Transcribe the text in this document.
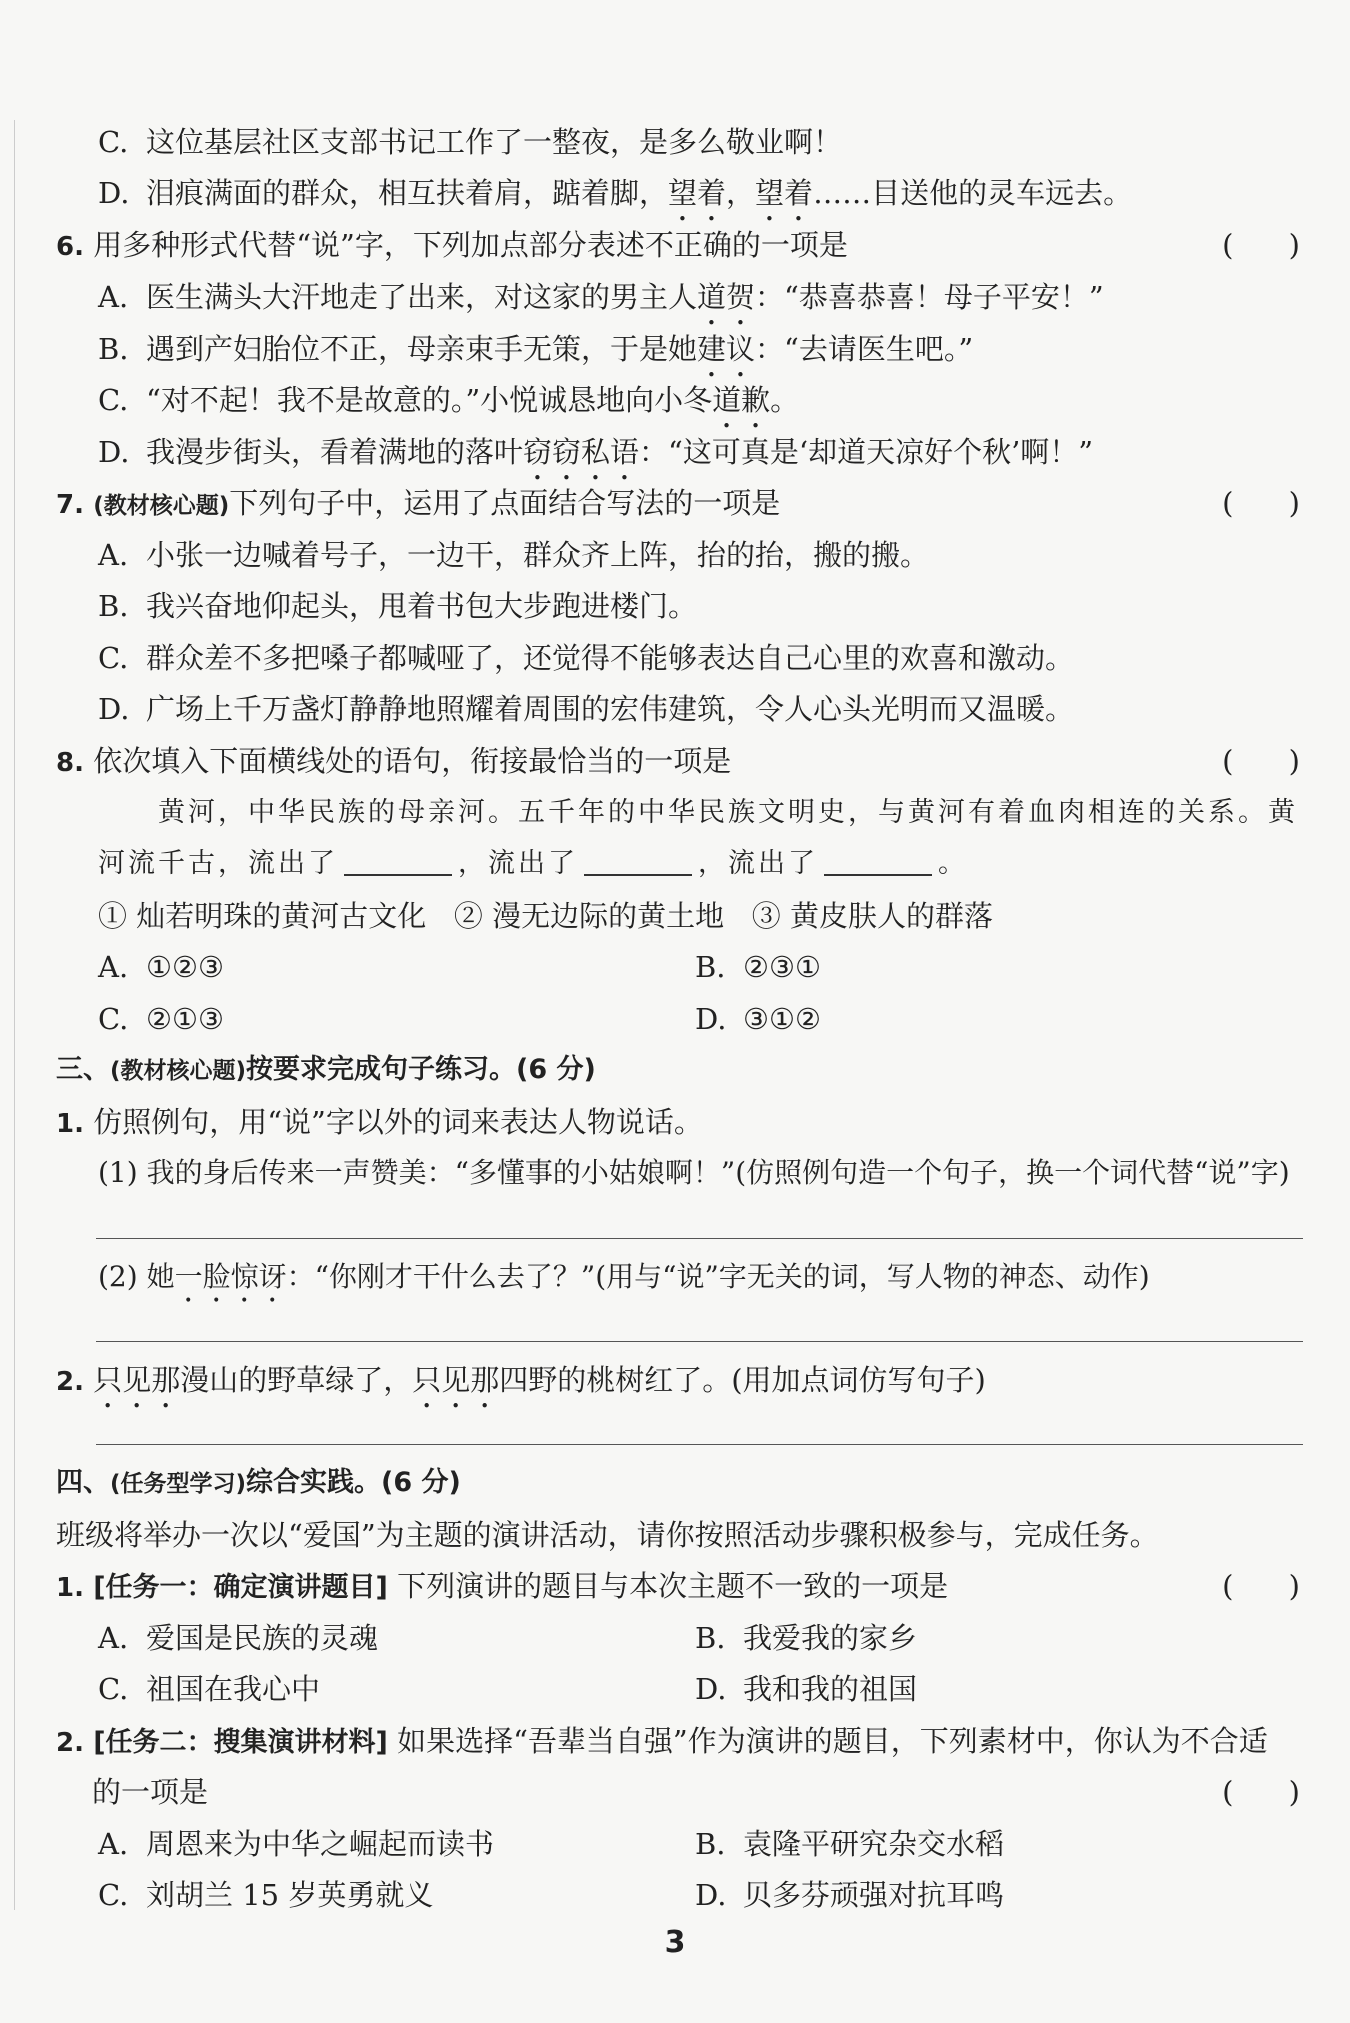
C. 这位基层社区支部书记工作了一整夜，是多么敬业啊！
D. 泪痕满面的群众，相互扶着肩，踮着脚，望着，望着……目送他的灵车远去。
6. 用多种形式代替“说”字，下列加点部分表述不正确的一项是	(      )
A. 医生满头大汗地走了出来，对这家的男主人道贺：“恭喜恭喜！母子平安！”
B. 遇到产妇胎位不正，母亲束手无策，于是她建议：“去请医生吧。”
C. “对不起！我不是故意的。”小悦诚恳地向小冬道歉。
D. 我漫步街头，看着满地的落叶窃窃私语：“这可真是‘却道天凉好个秋’啊！”
7. (教材核心题)下列句子中，运用了点面结合写法的一项是	(      )
A. 小张一边喊着号子，一边干，群众齐上阵，抬的抬，搬的搬。
B. 我兴奋地仰起头，甩着书包大步跑进楼门。
C. 群众差不多把嗓子都喊哑了，还觉得不能够表达自己心里的欢喜和激动。
D. 广场上千万盏灯静静地照耀着周围的宏伟建筑，令人心头光明而又温暖。
8. 依次填入下面横线处的语句，衔接最恰当的一项是	(      )
黄河，中华民族的母亲河。五千年的中华民族文明史，与黄河有着血肉相连的关系。黄
河流千古，流出了	，流出了	，流出了	。
① 灿若明珠的黄河古文化   ② 漫无边际的黄土地   ③ 黄皮肤人的群落
A. ①②③	B. ②③①
C. ②①③	D. ③①②
三、(教材核心题)按要求完成句子练习。(6 分)
1. 仿照例句，用“说”字以外的词来表达人物说话。
(1) 我的身后传来一声赞美：“多懂事的小姑娘啊！”(仿照例句造一个句子，换一个词代替“说”字)
(2) 她一脸惊讶：“你刚才干什么去了？”(用与“说”字无关的词，写人物的神态、动作)
2. 只见那漫山的野草绿了，只见那四野的桃树红了。(用加点词仿写句子)
四、(任务型学习)综合实践。(6 分)
班级将举办一次以“爱国”为主题的演讲活动，请你按照活动步骤积极参与，完成任务。
1. [任务一：确定演讲题目] 下列演讲的题目与本次主题不一致的一项是	(      )
A. 爱国是民族的灵魂	B. 我爱我的家乡
C. 祖国在我心中	D. 我和我的祖国
2. [任务二：搜集演讲材料] 如果选择“吾辈当自强”作为演讲的题目，下列素材中，你认为不合适
的一项是	(      )
A. 周恩来为中华之崛起而读书	B. 袁隆平研究杂交水稻
C. 刘胡兰 15 岁英勇就义	D. 贝多芬顽强对抗耳鸣
3
